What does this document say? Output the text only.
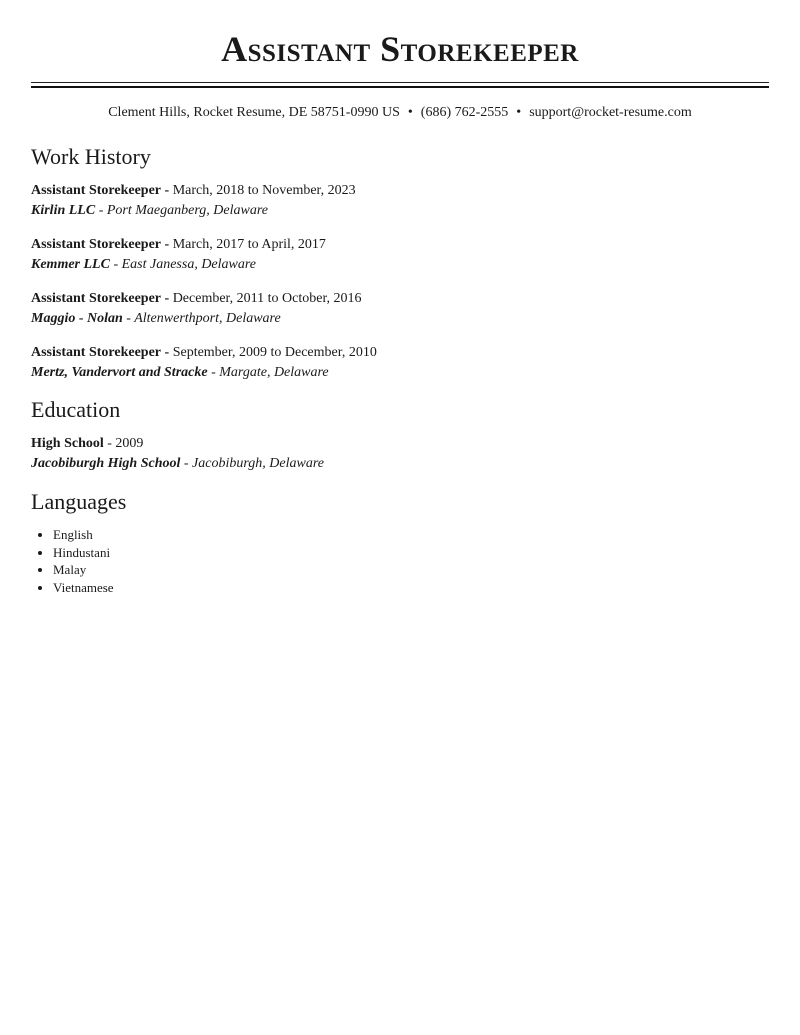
Assistant Storekeeper
Clement Hills, Rocket Resume, DE 58751-0990 US • (686) 762-2555 • support@rocket-resume.com
Work History
Assistant Storekeeper - March, 2018 to November, 2023
Kirlin LLC - Port Maeganberg, Delaware
Assistant Storekeeper - March, 2017 to April, 2017
Kemmer LLC - East Janessa, Delaware
Assistant Storekeeper - December, 2011 to October, 2016
Maggio - Nolan - Altenwerthport, Delaware
Assistant Storekeeper - September, 2009 to December, 2010
Mertz, Vandervort and Stracke - Margate, Delaware
Education
High School - 2009
Jacobiburgh High School - Jacobiburgh, Delaware
Languages
• English
• Hindustani
• Malay
• Vietnamese
